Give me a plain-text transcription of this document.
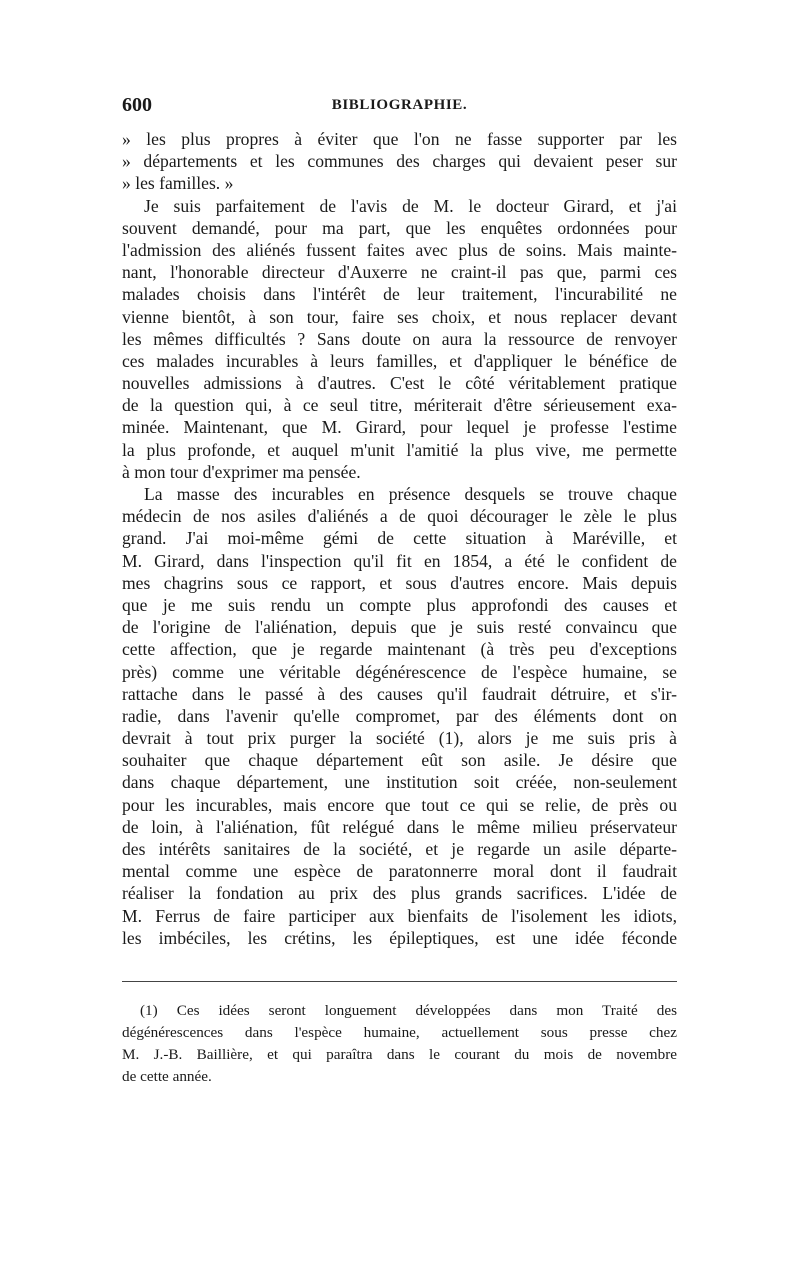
600	BIBLIOGRAPHIE.
» les plus propres à éviter que l'on ne fasse supporter par les
» départements et les communes des charges qui devaient peser sur
» les familles. »
Je suis parfaitement de l'avis de M. le docteur Girard, et j'ai
souvent demandé, pour ma part, que les enquêtes ordonnées pour
l'admission des aliénés fussent faites avec plus de soins. Mais mainte-
nant, l'honorable directeur d'Auxerre ne craint-il pas que, parmi ces
malades choisis dans l'intérêt de leur traitement, l'incurabilité ne
vienne bientôt, à son tour, faire ses choix, et nous replacer devant
les mêmes difficultés ? Sans doute on aura la ressource de renvoyer
ces malades incurables à leurs familles, et d'appliquer le bénéfice de
nouvelles admissions à d'autres. C'est le côté véritablement pratique
de la question qui, à ce seul titre, mériterait d'être sérieusement exa-
minée. Maintenant, que M. Girard, pour lequel je professe l'estime
la plus profonde, et auquel m'unit l'amitié la plus vive, me permette
à mon tour d'exprimer ma pensée.
La masse des incurables en présence desquels se trouve chaque
médecin de nos asiles d'aliénés a de quoi décourager le zèle le plus
grand. J'ai moi-même gémi de cette situation à Maréville, et
M. Girard, dans l'inspection qu'il fit en 1854, a été le confident de
mes chagrins sous ce rapport, et sous d'autres encore. Mais depuis
que je me suis rendu un compte plus approfondi des causes et
de l'origine de l'aliénation, depuis que je suis resté convaincu que
cette affection, que je regarde maintenant (à très peu d'exceptions
près) comme une véritable dégénérescence de l'espèce humaine, se
rattache dans le passé à des causes qu'il faudrait détruire, et s'ir-
radie, dans l'avenir qu'elle compromet, par des éléments dont on
devrait à tout prix purger la société (1), alors je me suis pris à
souhaiter que chaque département eût son asile. Je désire que
dans chaque département, une institution soit créée, non-seulement
pour les incurables, mais encore que tout ce qui se relie, de près ou
de loin, à l'aliénation, fût relégué dans le même milieu préservateur
des intérêts sanitaires de la société, et je regarde un asile départe-
mental comme une espèce de paratonnerre moral dont il faudrait
réaliser la fondation au prix des plus grands sacrifices. L'idée de
M. Ferrus de faire participer aux bienfaits de l'isolement les idiots,
les imbéciles, les crétins, les épileptiques, est une idée féconde
(1) Ces idées seront longuement développées dans mon Traité des
dégénérescences dans l'espèce humaine, actuellement sous presse chez
M. J.-B. Baillière, et qui paraîtra dans le courant du mois de novembre
de cette année.
